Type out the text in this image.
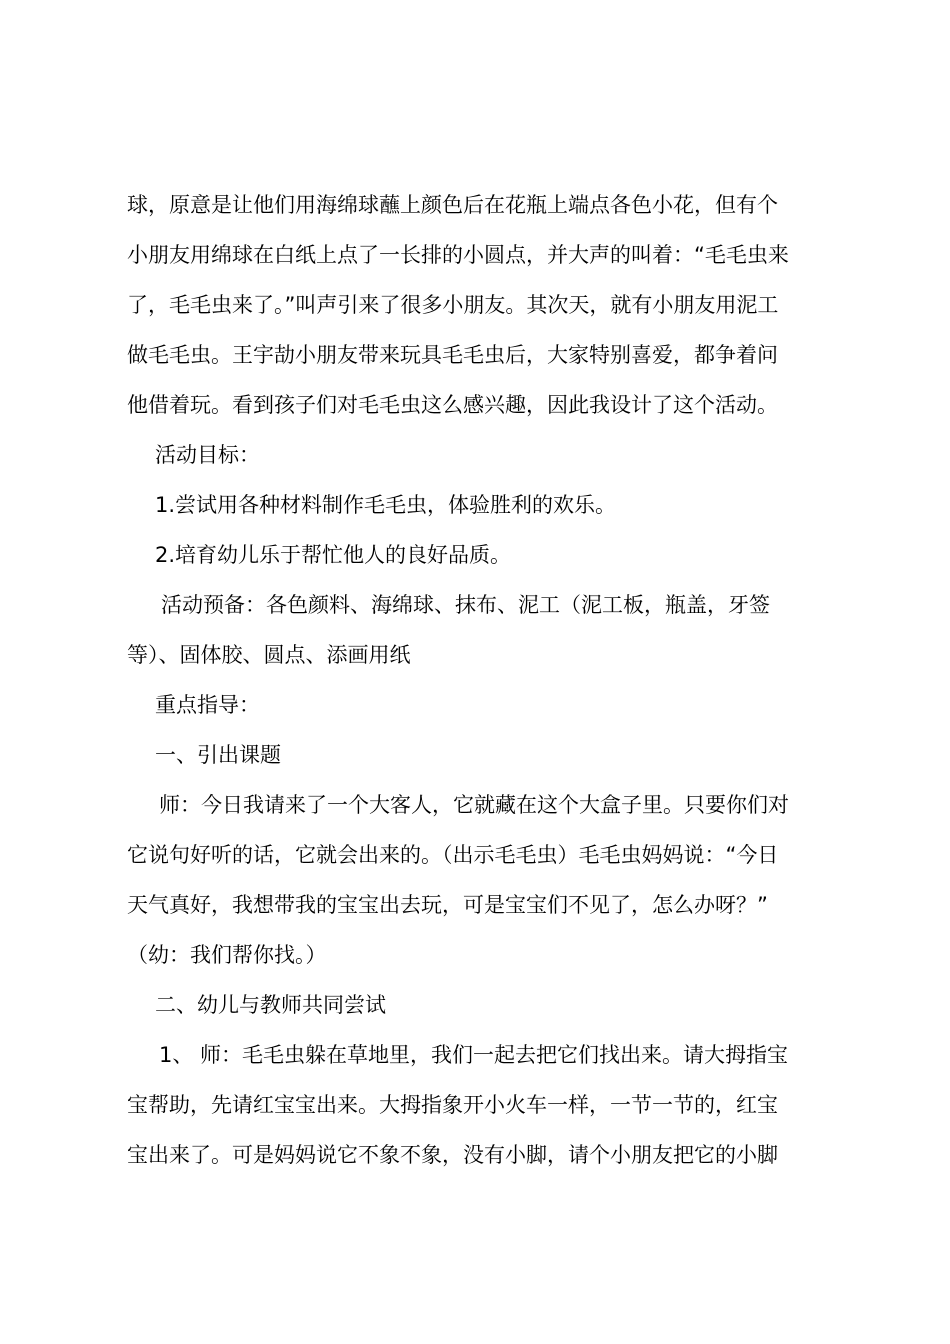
球，原意是让他们用海绵球蘸上颜色后在花瓶上端点各色小花，但有个
小朋友用绵球在白纸上点了一长排的小圆点，并大声的叫着：“毛毛虫来
了，毛毛虫来了。”叫声引来了很多小朋友。其次天，就有小朋友用泥工
做毛毛虫。王宇劼小朋友带来玩具毛毛虫后，大家特别喜爱，都争着问
他借着玩。看到孩子们对毛毛虫这么感兴趣，因此我设计了这个活动。
活动目标：
1.尝试用各种材料制作毛毛虫，体验胜利的欢乐。
2.培育幼儿乐于帮忙他人的良好品质。
活动预备：各色颜料、海绵球、抹布、泥工（泥工板，瓶盖，牙签
等）、固体胶、圆点、添画用纸
重点指导：
一、引出课题
师：今日我请来了一个大客人，它就藏在这个大盒子里。只要你们对
它说句好听的话，它就会出来的。（出示毛毛虫）毛毛虫妈妈说：“今日
天气真好，我想带我的宝宝出去玩，可是宝宝们不见了，怎么办呀？”
（幼：我们帮你找。）
二、幼儿与教师共同尝试
1、 师：毛毛虫躲在草地里，我们一起去把它们找出来。请大拇指宝
宝帮助，先请红宝宝出来。大拇指象开小火车一样，一节一节的，红宝
宝出来了。可是妈妈说它不象不象，没有小脚，请个小朋友把它的小脚
